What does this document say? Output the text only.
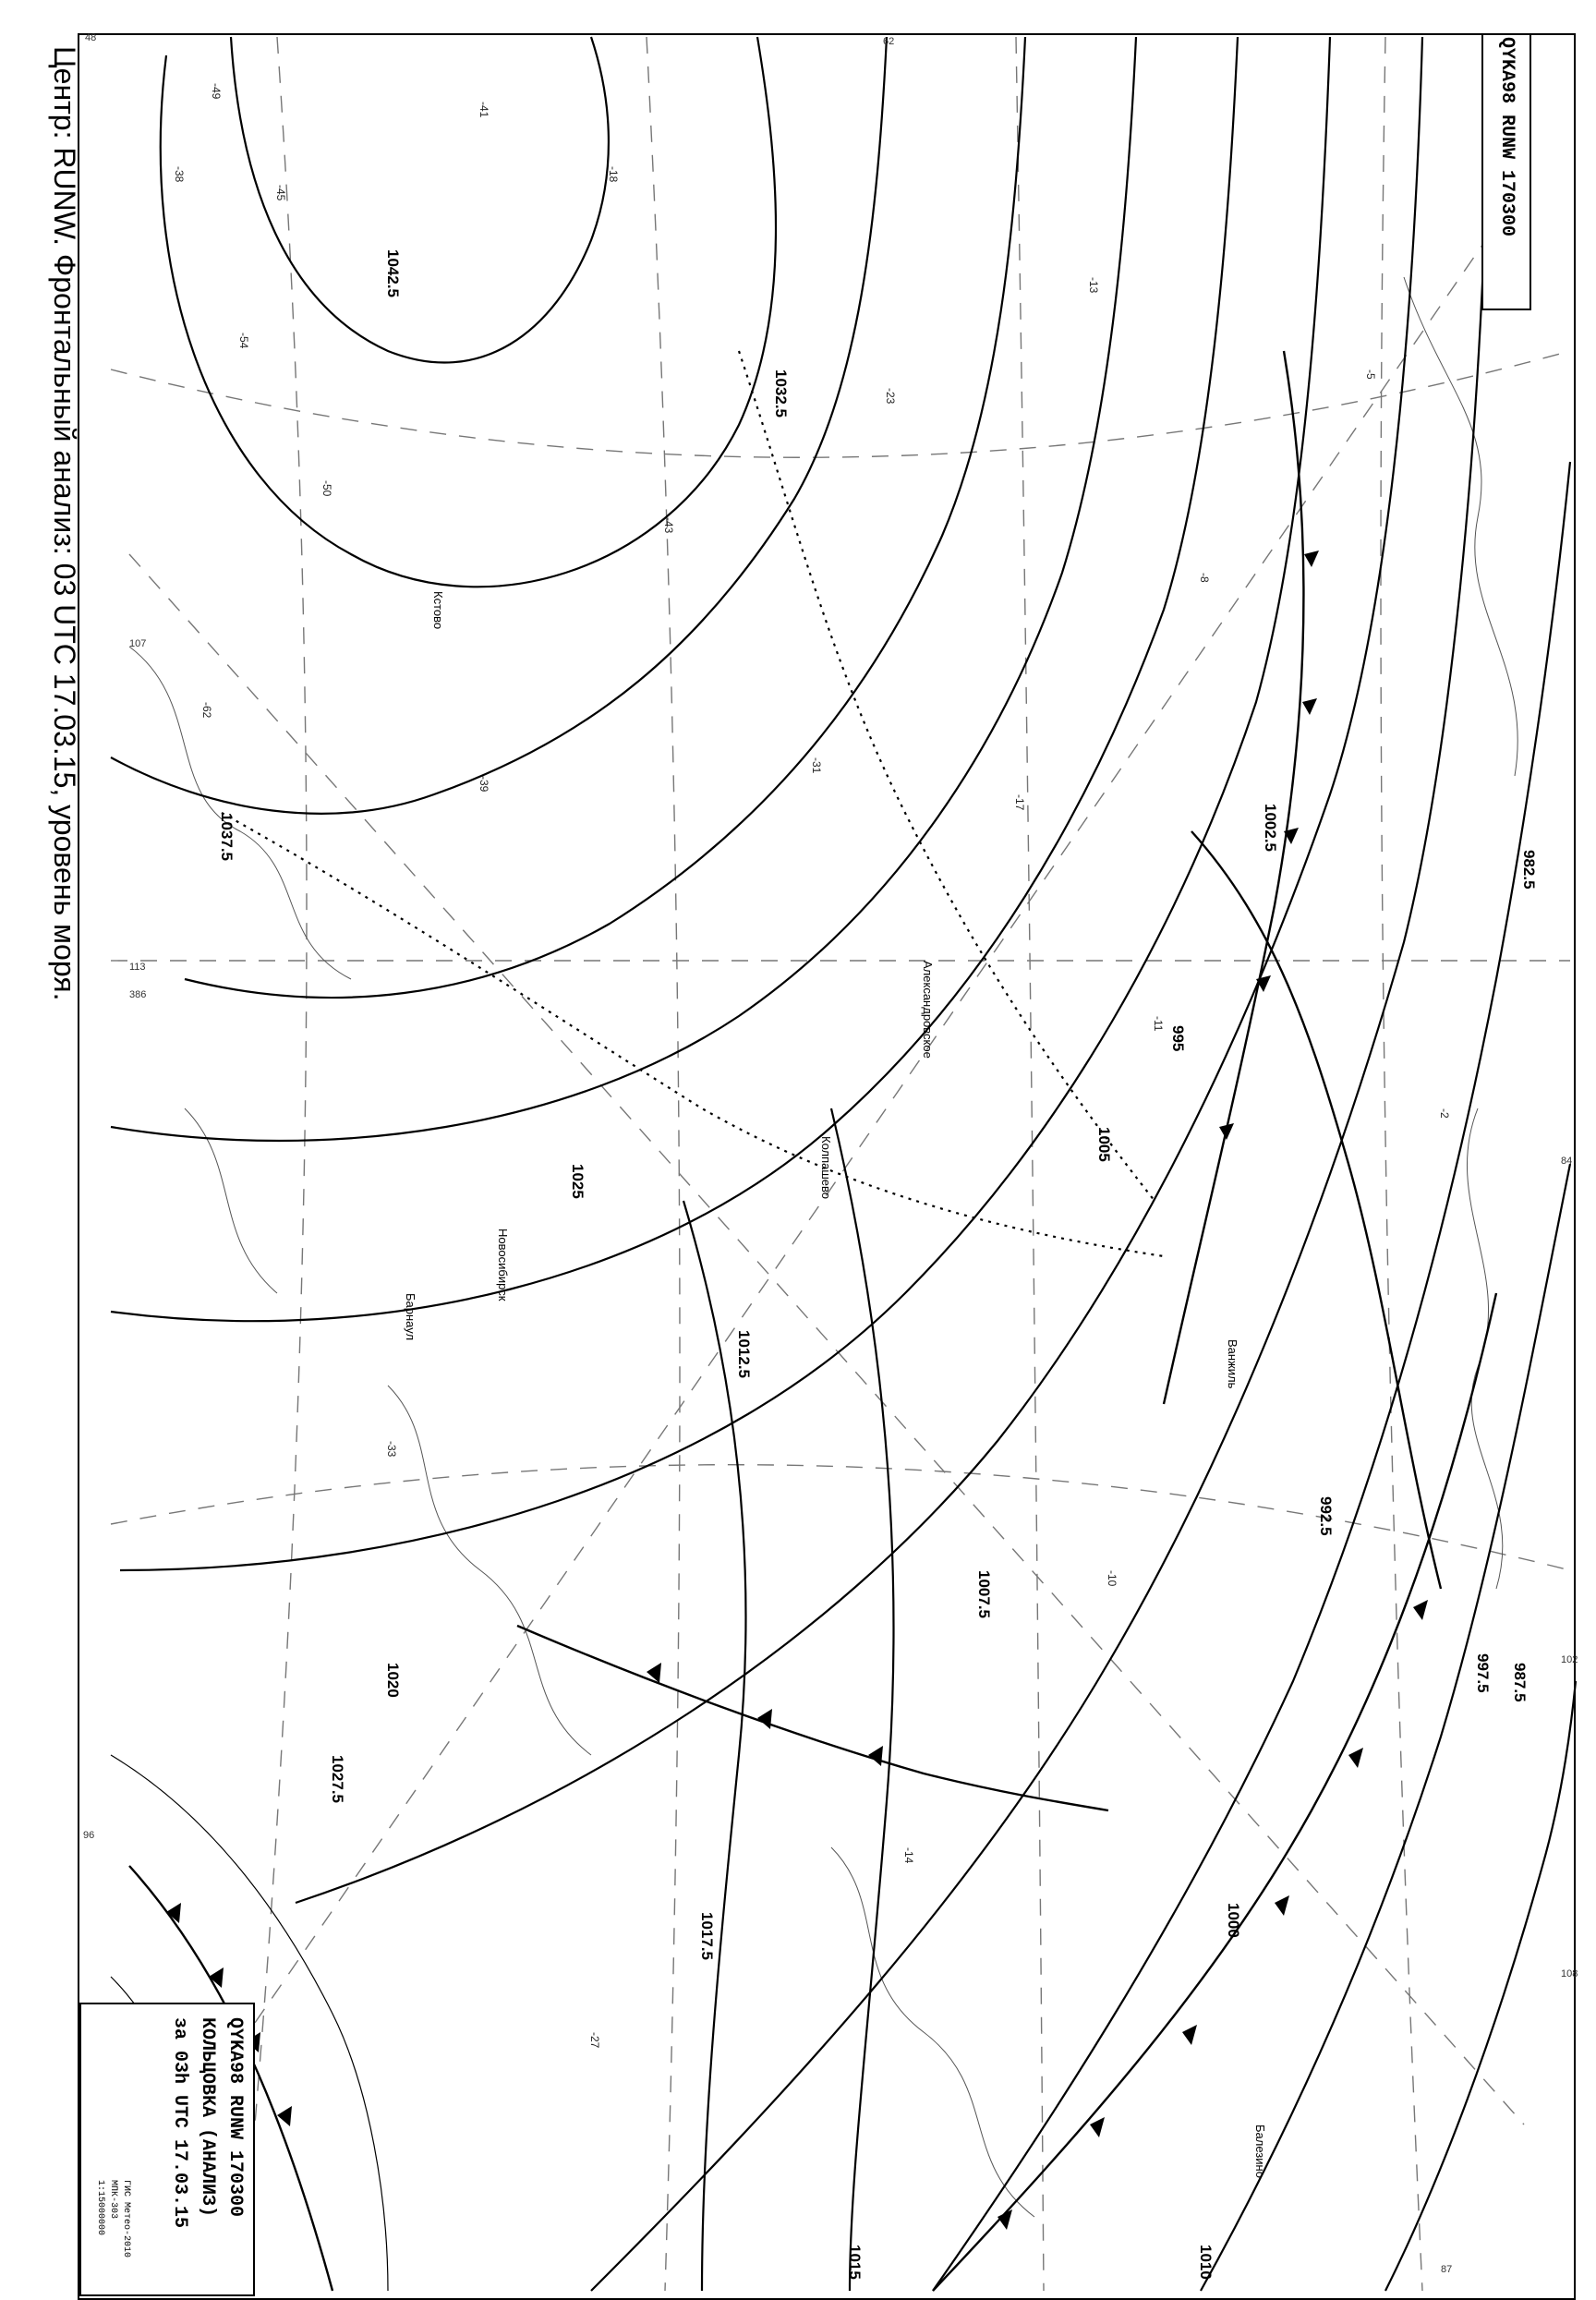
1042.5
1032.5
1037.5
1027.5
1025
1020
1017.5
1015
1012.5
1010
1007.5
1005
1002.5
1000
997.5
995
992.5
987.5
982.5
Кстово
Колпашево
Александровское
Новосибирск
Барнаул
Ванжиль
Балезино
-49
-38
-54
-45
-50
-41
-62
-18
-43
-39
-31
-23
-17
-13
-11
-8
-5
-2
-10
-14
-27
-33
48	62
96
107
84
102
108
113
386
87
Центр: RUNW. Фронтальный анализ: 03 UTC 17.03.15, уровень моря.	QYKA98 RUNW 170300
QYKA98 RUNW 170300
КОЛЬЦОВКА (АНАЛИЗ)
за 03h UTC 17.03.15
ГИС Метео-2010
МПК-303
1:15000000
